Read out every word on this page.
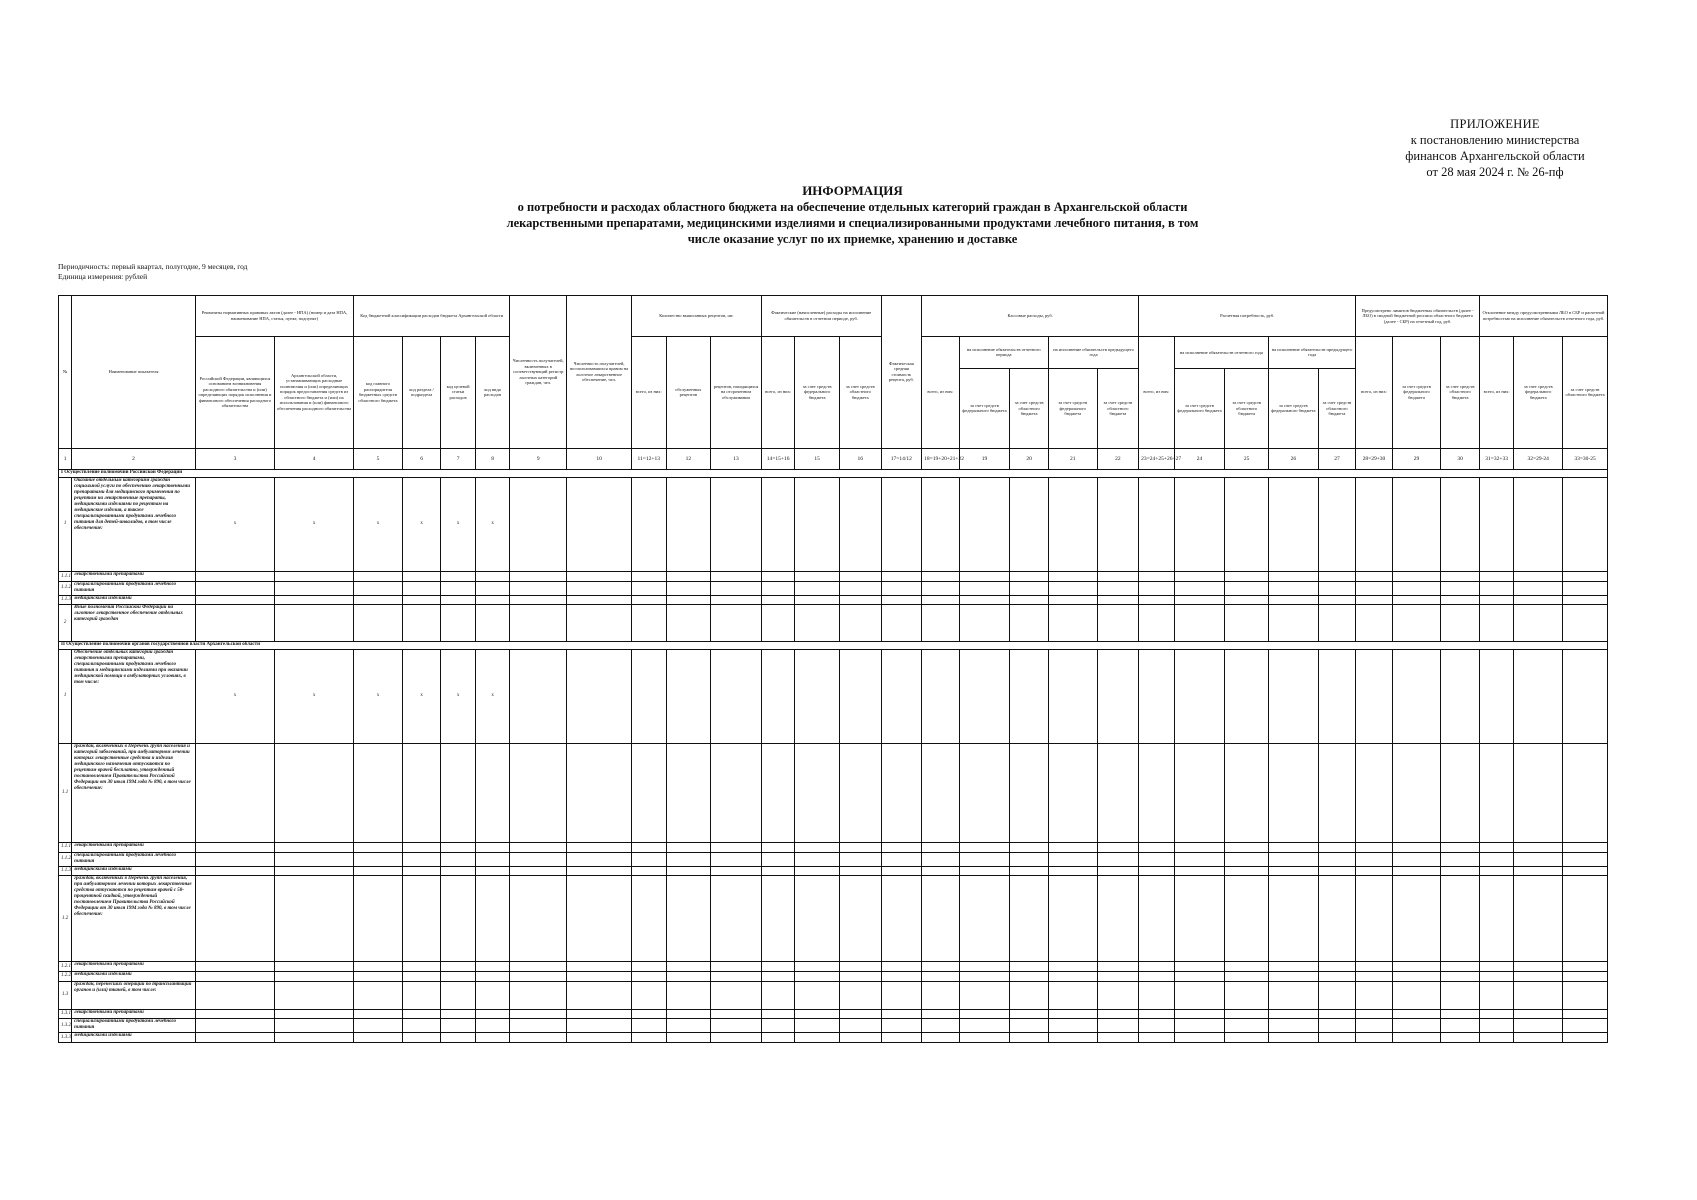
ПРИЛОЖЕНИЕ
к постановлению министерства
финансов Архангельской области
от 28 мая 2024 г. № 26-пф
ИНФОРМАЦИЯ
о потребности и расходах областного бюджета на обеспечение отдельных категорий граждан в Архангельской области
лекарственными препаратами, медицинскими изделиями и специализированными продуктами лечебного питания, в том
числе оказание услуг по их приемке, хранению и доставке
Периодичность: первый квартал, полугодие, 9 месяцев, год
Единица измерения: рублей
№	Наименование показателя	Реквизиты нормативных правовых актов (далее - НПА) (номер и дата НПА, наименование НПА, статья, пункт, подпункт)		Код бюджетной классификации расходов бюджета Архангельской области				Численность получателей, включенных в соответствующий регистр льготных категорий граждан, чел.	Численность получателей, воспользовавшихся правом на льготное лекарственное обеспечение, чел.	Количество выписанных рецептов, шт.			Фактические (начисленные) расходы на исполнение обязательств в отчетном периоде, руб.			Фактическая средняя стоимость рецепта, руб.	Кассовые расходы, руб.					Расчетная потребность, руб.					Предусмотрено лимитов бюджетных обязательств (далее - ЛБО) в сводной бюджетной росписи областного бюджета (далее - СБР) на отчетный год, руб.			Отклонение между предусмотренными ЛБО в СБР и расчетной потребностью на исполнение обязательств отчетного года, руб.		
		Российской Федерации, являющихся основанием возникновения расходного обязательства и (или) определяющих порядок исполнения и финансового обеспечения расходного обязательства	Архангельской области, устанавливающих расходные полномочия и (или) определяющих порядок предоставления средств из областного бюджета и (или) их использования и (или) финансового обеспечения расходного обязательства	код главного распорядителя бюджетных средств областного бюджета	код раздела / подраздела	код целевой статьи расходов	код вида расходов			всего, из них:	обслуженных рецептов	рецептов, находящихся на отсроченном обслуживании	всего, из них:	за счет средств федерального бюджета	за счет средств областного бюджета		всего, из них:	на исполнение обязательств отчетного периода		на исполнение обязательств предыдущего года		всего, из них:	на исполнение обязательств отчетного года		на исполнение обязательств предыдущего года		всего, из них:	за счет средств федерального бюджета	за счет средств областного бюджета	всего, из них:	за счет средств федерального бюджета	за счет средств областного бюджета
																		за счет средств федерального бюджета	за счет средств областного бюджета	за счет средств федерального бюджета	за счет средств областного бюджета		за счет средств федерального бюджета	за счет средств областного бюджета	за счет средств федерального бюджета	за счет средств областного бюджета						
1	2	3	4	5	6	7	8	9	10	11=12+13	12	13	14=15+16	15	16	17=14/12	18=19+20+21+22	19	20	21	22	23=24+25+26+27	24	25	26	27	28=29+30	29	30	31=32+33	32=29-24	33=30-25
I Осуществление полномочий Российской Федерации																																
1	Оказание отдельным категориям граждан социальной услуги по обеспечению лекарственными препаратами для медицинского применения по рецептам на лекарственные препараты, медицинскими изделиями по рецептам на медицинские изделия, а также специализированными продуктами лечебного питания для детей-инвалидов, в том числе обеспечение:	x	x	x	x	x	x																									
1.1.1	лекарственными препаратами																															
1.1.2	специализированными продуктами лечебного питания																															
1.1.3	медицинскими изделиями																															
2	Иные полномочия Российской Федерации на льготное лекарственное обеспечение отдельных категорий граждан																															
II Осуществление полномочий органов государственной власти Архангельской области																																
1	Обеспечение отдельных категорий граждан лекарственными препаратами, специализированными продуктами лечебного питания и медицинскими изделиями при оказании медицинской помощи в амбулаторных условиях, в том числе:	x	x	x	x	x	x																									
1.1	граждан, включенных в Перечень групп населения и категорий заболеваний, при амбулаторном лечении которых лекарственные средства и изделия медицинского назначения отпускаются по рецептам врачей бесплатно, утвержденный постановлением Правительства Российской Федерации от 30 июля 1994 года № 890, в том числе обеспечение:																															
1.1.1	лекарственными препаратами																															
1.1.2	специализированными продуктами лечебного питания																															
1.1.3	медицинскими изделиями																															
1.2	граждан, включенных в Перечень групп населения, при амбулаторном лечении которых лекарственные средства отпускаются по рецептам врачей с 50-процентной скидкой, утвержденный постановлением Правительства Российской Федерации от 30 июля 1994 года № 890, в том числе обеспечение:																															
1.2.1	лекарственными препаратами																															
1.2.2	медицинскими изделиями																															
1.3	граждан, перенесших операции по трансплантации органов и (или) тканей, в том числе:																															
1.3.1	лекарственными препаратами																															
1.3.2	специализированными продуктами лечебного питания																															
1.3.3	медицинскими изделиями																															
